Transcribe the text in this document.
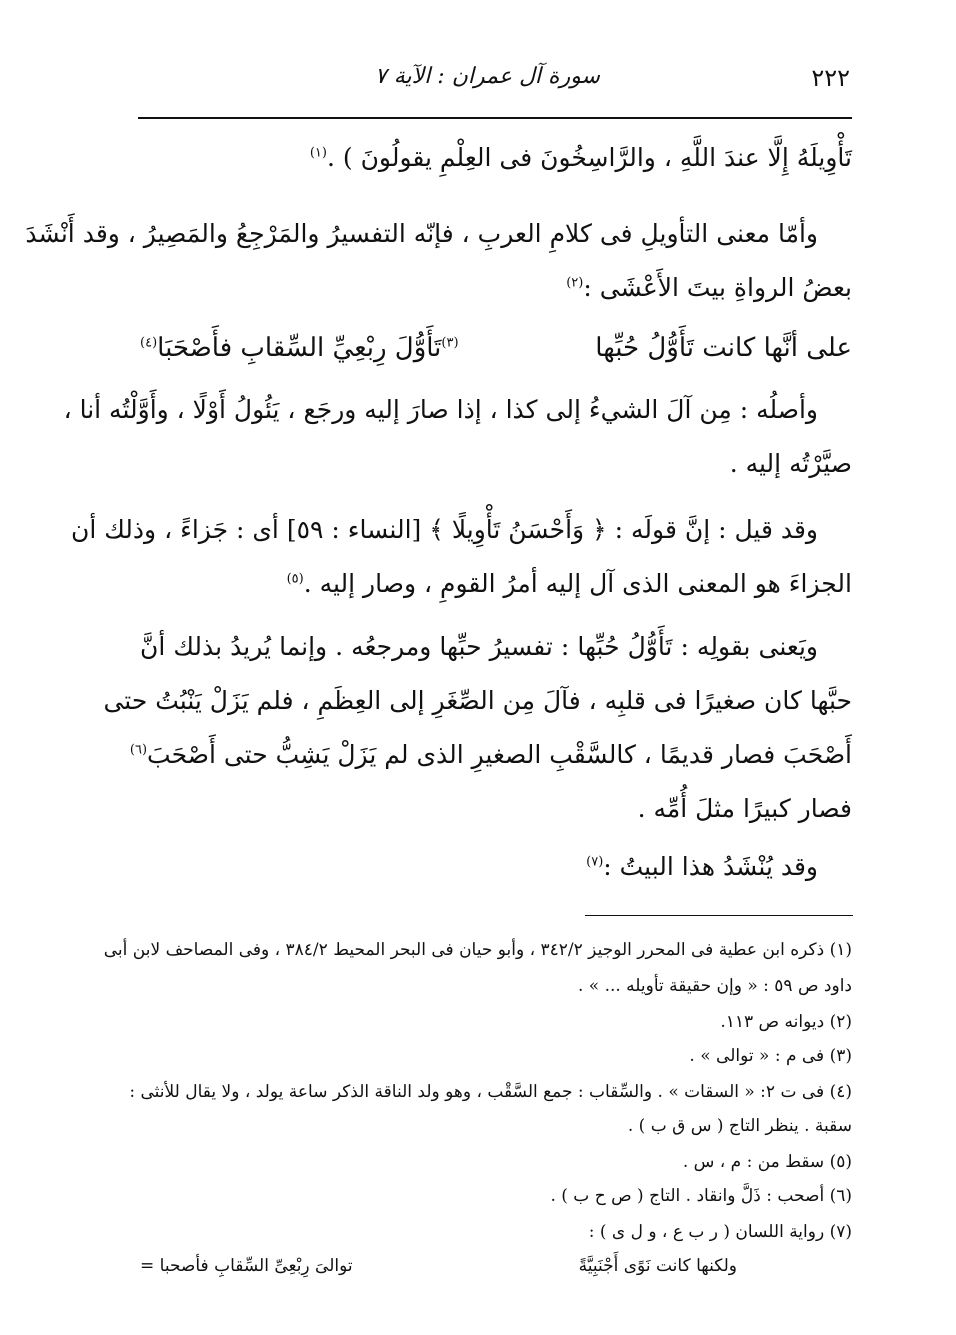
٢٢٢
سورة آل عمران : الآية ٧
تَأْوِيلَهُ إِلَّا عندَ اللَّهِ ، والرَّاسِخُونَ فى العِلْمِ يقولُونَ ) .$^{(١)}$
وأمّا معنى التأويلِ فى كلامِ العربِ ، فإنّه التفسيرُ والمَرْجِعُ والمَصِيرُ ، وقد أَنْشَدَ
بعضُ الرواةِ بيتَ الأَعْشَى :$^{(٢)}$
على أنَّها كانت تَأَوُّلُ حُبِّها
$^{(٣)}$تَأَوُّلَ رِبْعِيِّ السِّقابِ فأَصْحَبَا$^{(٤)}$
وأصلُه : مِن آلَ الشيءُ إلى كذا ، إذا صارَ إليه ورجَع ، يَئُولُ أَوْلًا ، وأَوَّلْتُه أنا ،
صيَّرْتُه إليه .
وقد قيل : إنَّ قولَه : ﴿ وَأَحْسَنُ تَأْوِيلًا ﴾ [النساء : ٥٩] أى : جَزاءً ، وذلك أن
الجزاءَ هو المعنى الذى آل إليه أمرُ القومِ ، وصار إليه .$^{(٥)}$
ويَعنى بقولِه : تَأَوُّلُ حُبِّها : تفسيرُ حبِّها ومرجعُه . وإنما يُريدُ بذلك أنَّ
حبَّها كان صغيرًا فى قلبِه ، فآلَ مِن الصِّغَرِ إلى العِظَمِ ، فلم يَزَلْ يَنْبُتُ حتى
أَصْحَبَ فصار قديمًا ، كالسَّقْبِ الصغيرِ الذى لم يَزَلْ يَشِبُّ حتى أَصْحَبَ$^{(٦)}$
فصار كبيرًا مثلَ أُمِّه .
وقد يُنْشَدُ هذا البيتُ :$^{(٧)}$
(١) ذكره ابن عطية فى المحرر الوجيز ٣٤٢/٢ ، وأبو حيان فى البحر المحيط ٣٨٤/٢ ، وفى المصاحف لابن أبى
داود ص ٥٩ : « وإن حقيقة تأويله ... » .
(٢) ديوانه ص ١١٣.
(٣) فى م : « توالى » .
(٤) فى ت ٢: « السقات » . والسِّقاب : جمع السَّقْب ، وهو ولد الناقة الذكر ساعة يولد ، ولا يقال للأنثى :
سقبة . ينظر التاج ( س ق ب ) .
(٥) سقط من : م ، س .
(٦) أصحب : ذَلَّ وانقاد . التاج ( ص ح ب ) .
(٧) رواية اللسان ( ر ب ع ، و ل ى ) :
ولكنها كانت نَوًى أَجْنَبِيَّةً
توالىَ رِبْعِىِّ السِّقابِ فأصحبا =
